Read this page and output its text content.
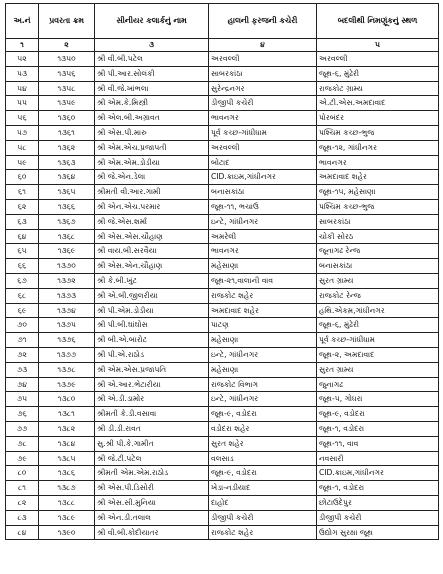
અ.નં	પ્રવરતા ક્રમ	સીનીયર કલાર્કનું નામ	હાલની ફરજની કચેરી	બદલીથી નિમણૂંકનું સ્થળ
૧	૨	૩	૪	૫
૫૨	૧૩૫૦	શ્રી વી.બી.પટેલ	અરવલ્લી	અરવલ્લી
૫૩	૧૩૫૬	શ્રી પી.આર.સોલંકી	સાબરકાંઠા	જૂથ-૬, મુંઢેરી
૫૪	૧૩૫૮	શ્રી વી.જે.ખાંભલા	સુરેન્દ્રનગર	રાજકોટ ગ્રામ્ય
૫૫	૧૩૫૯	શ્રી એમ.કે.મિસ્ત્રી	ડીજીપી કચેરી	એ.ટી.એસ.અમદાવાદ
૫૬	૧૩૬૦	શ્રી એલ.બી.અગ્રાવત	ભાવનગર	પોરબંદર
૫૭	૧૩૬૧	શ્રી એસ.પી.મારુ	પૂર્વ કચ્છ-ગાંધીધામ	પશ્ચિમ કચ્છ-ભુજ
૫૮	૧૩૬૨	શ્રી એમ.એચ.પ્રજાપતી	અરવલ્લી	જૂથ-૧૨, ગાંધીનગર
૫૯	૧૩૬૩	શ્રી એમ.એમ.ડોડીયા	બોટાદ	ભાવનગર
૬૦	૧૩૬૪	શ્રી જે.એન.ડેલા	CID.ક્રાઇમ,ગાંધીનગર	અમદાવાદ શહેર
૬૧	૧૩૬૫	શ્રીમતી વી.આર.ગામી	બનાસકાંઠા	જૂથ-૧૫, મહેસાણા
૬૨	૧૩૬૬	શ્રી એન.એચ.પરમાર	જૂથ-૧૧, ભચાઉ	પશ્ચિમ કચ્છ-ભુજ
૬૩	૧૩૬૭	શ્રી જે.એસ.શર્મા	ઇન્ટે, ગાંધીનગર	સાબરકાંઠા
૬૪	૧૩૬૮	શ્રી એસ.એસ.ચૌહાણ	અમરેલી	ચોકી સોરઠ
૬૫	૧૩૬૯	શ્રી વાય.બી.સરવૈયા	ભાવનગર	જૂનાગઢ રેન્જ
૬૬	૧૩૭૦	શ્રી એસ.એન.ચૌહાણ	મહેસાણા	બનાસકાંઠા
૬૭	૧૩૭૨	શ્રી કે.બી.ખુંટ	જૂથ-૨૧,વાલાની વાવ	સુરત ગ્રામ્ય
૬૮	૧૩૭૩	શ્રી એ.બી.જીલરીયા	રાજકોટ શહેર	રાજકોટ રેન્જ
૬૯	૧૩૭૪	શ્રી પી.એમ.ડોડીયા	અમદાવાદ શહેર	હથિ.એકમ઼,ગાંધીનગર
૭૦	૧૩૭૫	શ્રી પી.બી.ઘાંઘોસ	પાટણ	જૂથ-૬, મુંઢેરી
૭૧	૧૩૭૬	શ્રી બી.એ.બારોટ	મહેસાણા	પૂર્વ કચ્છ-ગાંધીધામ
૭૨	૧૩૭૭	શ્રી પી.એ.રાઠોડ	ઇન્ટે, ગાંધીનગર	જૂથ-૨, અમદાવાદ
૭૩	૧૩૭૮	શ્રી એમ.એસ.પ્રજાપતિ	મહેસાણા	સુરત ગ્રામ્ય
૭૪	૧૩૭૯	શ્રી એ.આર.ભેટારીયા	રાજકોટ વિભાગ	જુનાગઢ
૭૫	૧૩૮૦	શ્રી એ.ડી.ડામોર	ઇન્ટે, ગાંધીનગર	જૂથ-૫, ગોધરા
૭૬	૧૩૮૧	શ્રીમતી કે.ડી.વસાવા	જૂથ-૯, વડોદરા	જૂથ-૯, વડોદરા
૭૭	૧૩૮૨	શ્રી ડી.ડી.રાવત	વડોદરા શહેર	જૂથ-૧, વડોદરા
૭૮	૧૩૮૪	સુ.શ્રી પી.કે.ગામીત	સુરત શહેર	જૂથ-૧૧, વાવ
૭૯	૧૩૮૫	શ્રી જે.ટી.પટેલ	વલસાડ	નવસારી
૮૦	૧૩૮૬	શ્રીમતી એમ.એમ.રાઠોડ	જૂથ-૯, વડોદરા	CID.ક્રાઇમ,ગાંધીનગર
૮૧	૧૩૮૭	શ્રી એસ.પી.ડિસોરી	ખેડા-નડીયાદ	જૂથ-૧, વડોદરા
૮૨	૧૩૮૮	શ્રી એસ.સી.મુનિયા	દાહોદ	છોટાઉદેપુર
૮૩	૧૩૮૯	શ્રી એન.ડી.તલાલ	ડીજીપી કચેરી	ડીજીપી કચેરી
૮૪	૧૩૯૦	શ્રી વી.બી.કોદીયાતર	રાજકોટ શહેર	ઉદ્યોગ સુરક્ષા જૂથ
